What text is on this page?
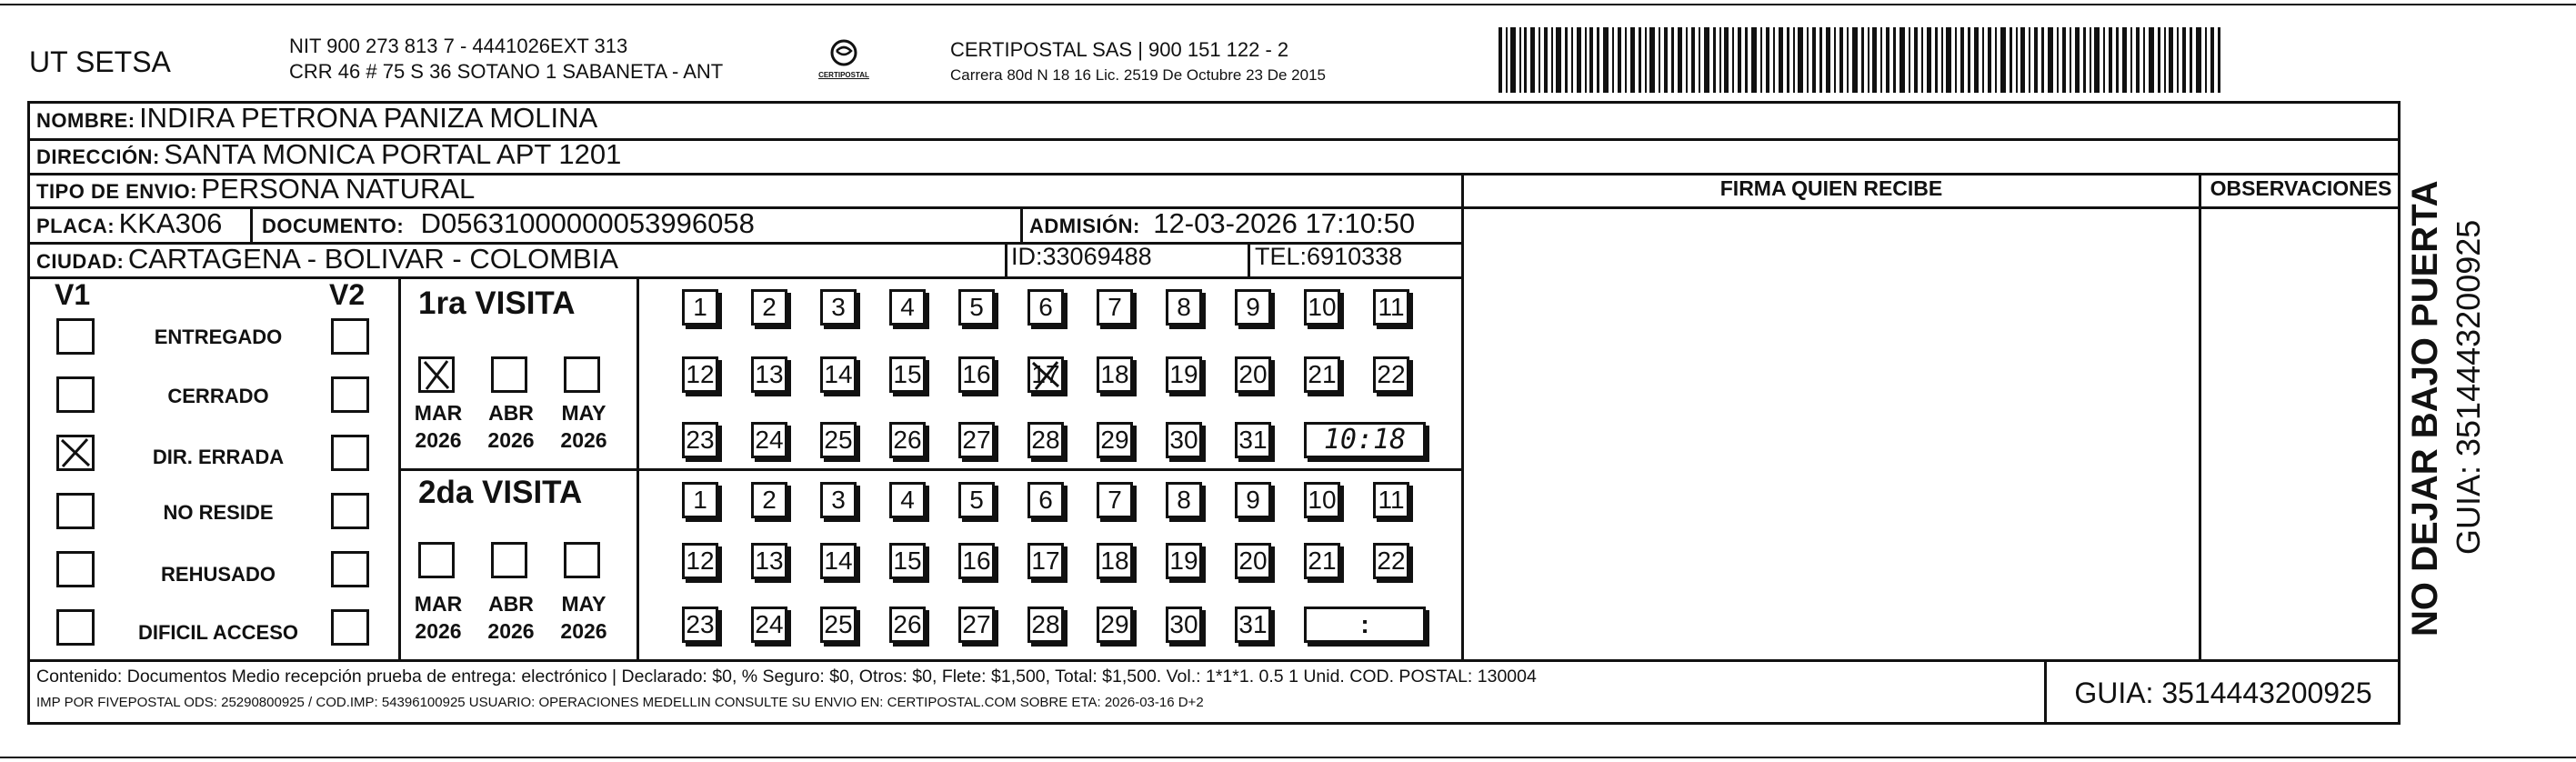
UT SETSA	NIT 900 273 813 7 - 4441026EXT 313
CRR 46 # 75 S 36 SOTANO 1 SABANETA - ANT	CERTIPOSTAL
CERTIPOSTAL SAS | 900 151 122 - 2
Carrera 80d N 18 16 Lic. 2519 De Octubre 23 De 2015
NOMBRE: INDIRA PETRONA PANIZA MOLINA
DIRECCIÓN: SANTA MONICA PORTAL APT 1201
TIPO DE ENVIO: PERSONA NATURAL	FIRMA QUIEN RECIBE	OBSERVACIONES
PLACA: KKA306 DOCUMENTO: D05631000000053996058	ADMISIÓN: 12-03-2026 17:10:50
CIUDAD: CARTAGENA - BOLIVAR - COLOMBIA	ID:33069488	TEL:6910338
V1	V2
ENTREGADO
CERRADO
DIR. ERRADA
NO RESIDE
REHUSADO
DIFICIL ACCESO
1ra VISITA
MAR	ABR	MAY
2026	2026	2026
2da VISITA
MAR	ABR	MAY
2026	2026	2026
1	2	3	4	5	6	7	8	9	10 11
12 13 14 15 16 17 18 19 20 21 22
23 24 25 26 27 28 29 30 31	10:18
1	2	3	4	5	6	7	8	9	10 11
12 13 14 15 16 17 18 19 20 21 22
23 24 25 26 27 28 29 30 31	:
Contenido: Documentos Medio recepción prueba de entrega: electrónico | Declarado: $0, % Seguro: $0, Otros: $0, Flete: $1,500, Total: $1,500. Vol.: 1*1*1. 0.5 1 Unid. COD. POSTAL: 130004
IMP POR FIVEPOSTAL ODS: 25290800925 / COD.IMP: 54396100925 USUARIO: OPERACIONES MEDELLIN CONSULTE SU ENVIO EN: CERTIPOSTAL.COM SOBRE ETA: 2026-03-16 D+2	GUIA: 3514443200925
NO DEJAR BAJO PUERTA GUIA: 3514443200925
